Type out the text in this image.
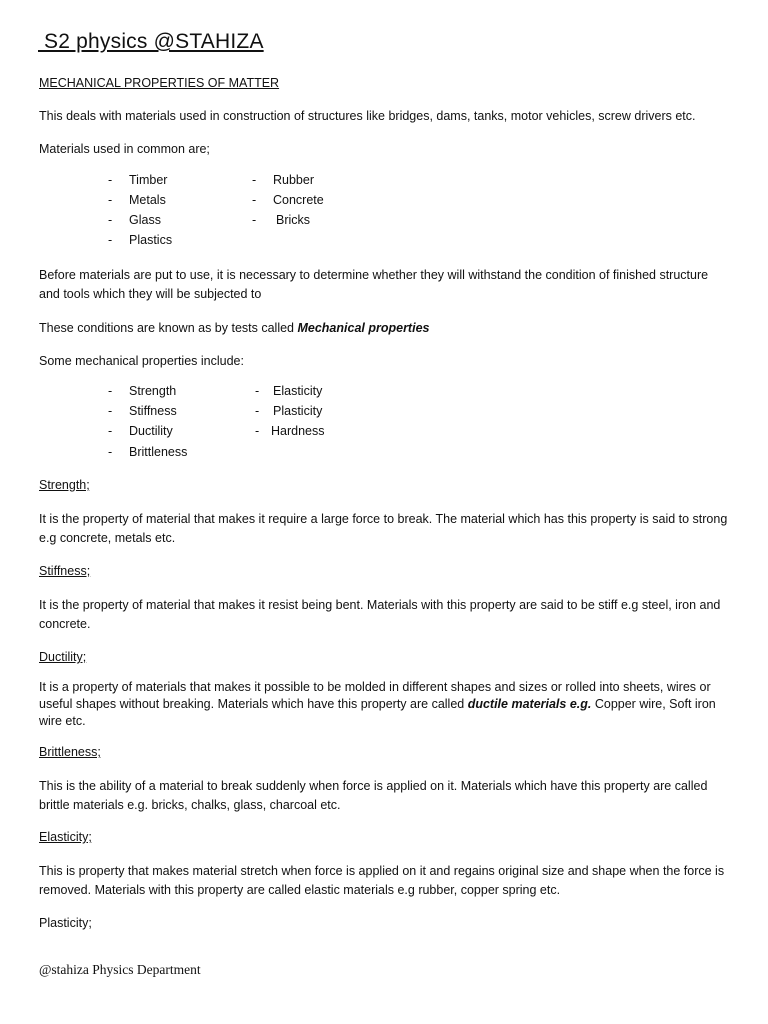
S2 physics @STAHIZA
MECHANICAL PROPERTIES OF MATTER
This deals with materials used in construction of structures like bridges, dams, tanks, motor vehicles, screw drivers etc.
Materials used in common are;
- Timber
- Metals
- Glass
- Plastics
- Rubber
- Concrete
- Bricks
Before materials are put to use, it is necessary to determine whether they will withstand the condition of finished structure and tools which they will be subjected to
These conditions are known as by tests called Mechanical properties
Some mechanical properties include:
- Strength
- Stiffness
- Ductility
- Brittleness
- Elasticity
- Plasticity
- Hardness
Strength;
It is the property of material that makes it require a large force to break. The material which has this property is said to strong e.g concrete, metals etc.
Stiffness;
It is the property of material that makes it resist being bent. Materials with this property are said to be stiff e.g steel, iron and concrete.
Ductility;
It is a property of materials that makes it possible to be molded in different shapes and sizes or rolled into sheets, wires or useful shapes without breaking. Materials which have this property are called ductile materials e.g. Copper wire, Soft iron wire etc.
Brittleness;
This is the ability of a material to break suddenly when force is applied on it. Materials which have this property are called brittle materials e.g. bricks, chalks, glass, charcoal etc.
Elasticity;
This is property that makes material stretch when force is applied on it and regains original size and shape when the force is removed. Materials with this property are called elastic materials e.g rubber, copper spring etc.
Plasticity;
@stahiza Physics Department
